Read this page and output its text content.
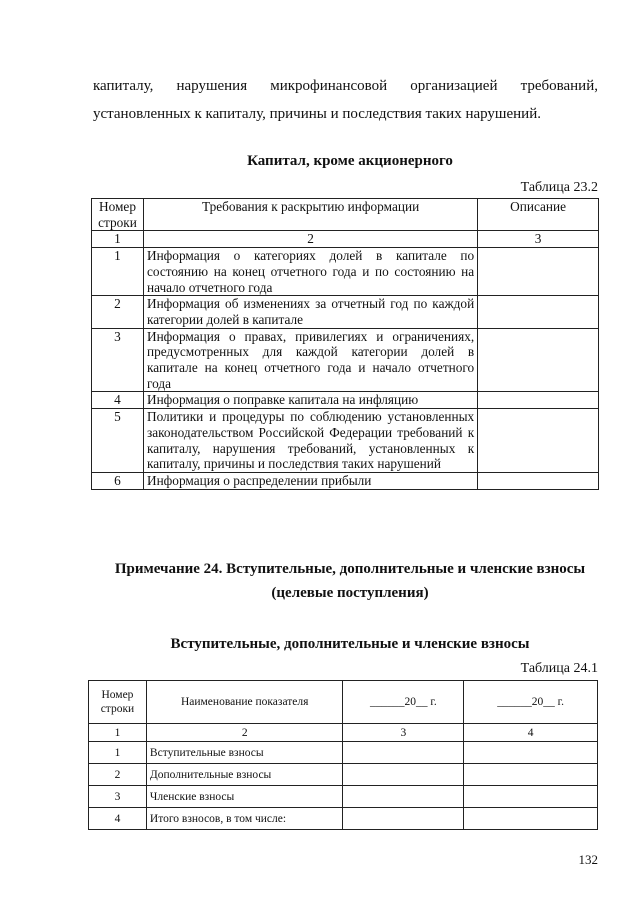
капиталу, нарушения микрофинансовой организацией требований,
установленных к капиталу, причины и последствия таких нарушений.
Капитал, кроме акционерного
Таблица 23.2
Номер строки	Требования к раскрытию информации	Описание
1	2	3
1	Информация о категориях долей в капитале по состоянию на конец отчетного года и по состоянию на начало отчетного года	
2	Информация об изменениях за отчетный год по каждой категории долей в капитале	
3	Информация о правах, привилегиях и ограничениях, предусмотренных для каждой категории долей в капитале на конец отчетного года и начало отчетного года	
4	Информация о поправке капитала на инфляцию	
5	Политики и процедуры по соблюдению установленных законодательством Российской Федерации требований к капиталу, нарушения требований, установленных к капиталу, причины и последствия таких нарушений	
6	Информация о распределении прибыли	
Примечание 24. Вступительные, дополнительные и членские взносы
(целевые поступления)
Вступительные, дополнительные и членские взносы
Таблица 24.1
Номер строки	Наименование показателя	______20__ г.	______20__ г.
1	2	3	4
1	Вступительные взносы		
2	Дополнительные взносы		
3	Членские взносы		
4	Итого взносов, в том числе:		
132
